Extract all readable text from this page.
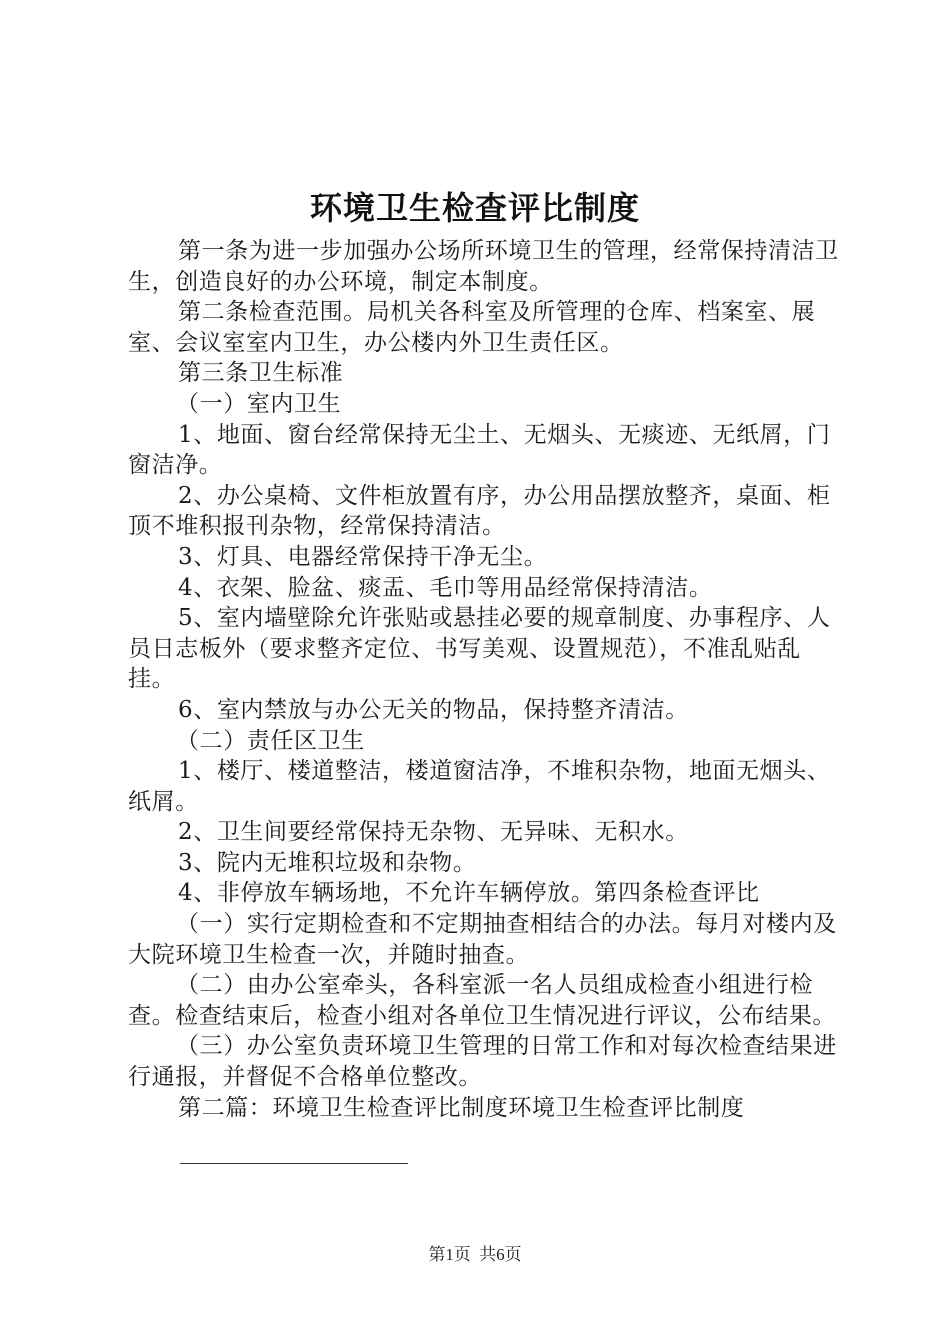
环境卫生检查评比制度

第一条为进一步加强办公场所环境卫生的管理，经常保持清洁卫生，创造良好的办公环境，制定本制度。

第二条检查范围。局机关各科室及所管理的仓库、档案室、展室、会议室室内卫生，办公楼内外卫生责任区。

第三条卫生标准

（一）室内卫生

1、地面、窗台经常保持无尘土、无烟头、无痰迹、无纸屑，门窗洁净。

2、办公桌椅、文件柜放置有序，办公用品摆放整齐，桌面、柜顶不堆积报刊杂物，经常保持清洁。

3、灯具、电器经常保持干净无尘。

4、衣架、脸盆、痰盂、毛巾等用品经常保持清洁。

5、室内墙壁除允许张贴或悬挂必要的规章制度、办事程序、人员日志板外（要求整齐定位、书写美观、设置规范），不准乱贴乱挂。

6、室内禁放与办公无关的物品，保持整齐清洁。

（二）责任区卫生

1、楼厅、楼道整洁，楼道窗洁净，不堆积杂物，地面无烟头、纸屑。

2、卫生间要经常保持无杂物、无异味、无积水。

3、院内无堆积垃圾和杂物。

4、非停放车辆场地，不允许车辆停放。第四条检查评比

（一）实行定期检查和不定期抽查相结合的办法。每月对楼内及大院环境卫生检查一次，并随时抽查。

（二）由办公室牵头，各科室派一名人员组成检查小组进行检查。检查结束后，检查小组对各单位卫生情况进行评议，公布结果。

（三）办公室负责环境卫生管理的日常工作和对每次检查结果进行通报，并督促不合格单位整改。

第二篇：环境卫生检查评比制度环境卫生检查评比制度

第1页 共6页
